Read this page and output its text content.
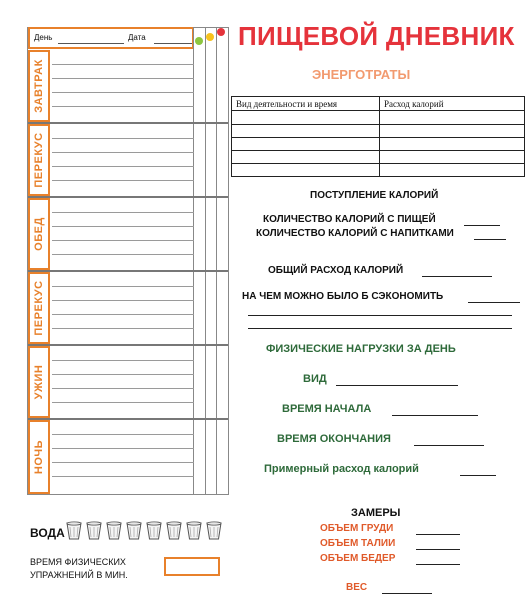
День	Дата
ЗАВТРАК
ПЕРЕКУС
ОБЕД
ПЕРЕКУС
УЖИН
НОЧЬ
ВОДА
ВРЕМЯ ФИЗИЧЕСКИХ
УПРАЖНЕНИЙ В МИН.
ПИЩЕВОЙ ДНЕВНИК
ЭНЕРГОТРАТЫ
Вид деятельности и время	Расход калорий
ПОСТУПЛЕНИЕ КАЛОРИЙ
КОЛИЧЕСТВО КАЛОРИЙ С ПИЩЕЙ
КОЛИЧЕСТВО КАЛОРИЙ С НАПИТКАМИ
ОБЩИЙ РАСХОД КАЛОРИЙ
НА ЧЕМ МОЖНО БЫЛО Б СЭКОНОМИТЬ
ФИЗИЧЕСКИЕ НАГРУЗКИ ЗА ДЕНЬ
ВИД
ВРЕМЯ НАЧАЛА
ВРЕМЯ ОКОНЧАНИЯ
Примерный расход калорий
ЗАМЕРЫ
ОБЪЕМ ГРУДИ
ОБЪЕМ ТАЛИИ
ОБЪЕМ БЕДЕР
ВЕС
